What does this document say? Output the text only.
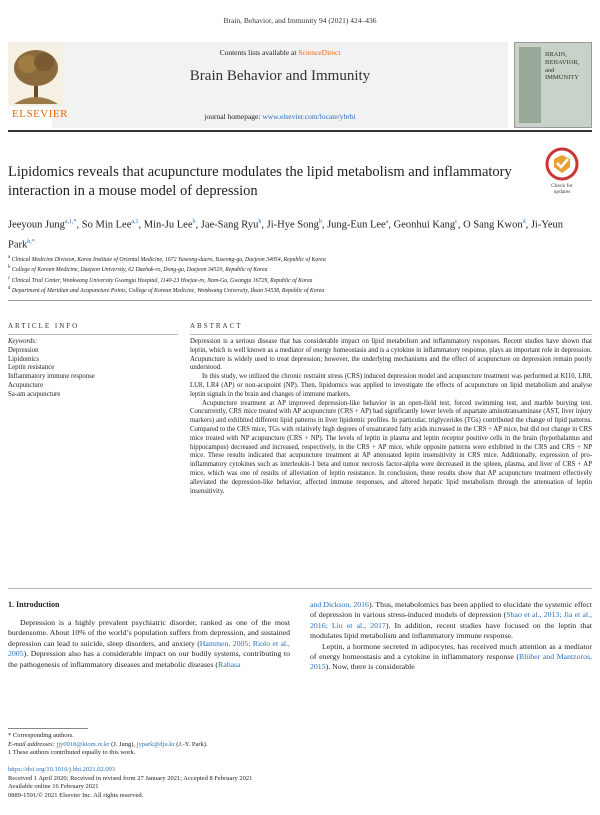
Brain, Behavior, and Immunity 94 (2021) 424–436
Contents lists available at ScienceDirect
Brain Behavior and Immunity
journal homepage: www.elsevier.com/locate/ybrbi
ELSEVIER
BRAIN, BEHAVIOR, and IMMUNITY
Lipidomics reveals that acupuncture modulates the lipid metabolism and inflammatory interaction in a mouse model of depression	Check for
updates
Jeeyoun Jung$^{a,1,*}$, So Min Lee$^{a,1}$, Min-Ju Lee$^b$, Jae-Sang Ryu$^b$, Ji-Hye Song$^b$, Jung-Eun Lee$^a$, Geonhui Kang$^c$, O Sang Kwon$^d$, Ji-Yeun Park$^{b,*}$
$^a$ Clinical Medicine Division, Korea Institute of Oriental Medicine, 1672 Yuseong-daero, Yuseong-gu, Daejeon 34054, Republic of Korea
$^b$ College of Korean Medicine, Daejeon University, 62 Daehak-ro, Dong-gu, Daejeon 34520, Republic of Korea
$^c$ Clinical Trial Center, Wonkwang University Gwangju Hospital, 1140-23 Hoejae-ro, Nam-Gu, Gwangju 16729, Republic of Korea
$^d$ Department of Meridian and Acupuncture Points, College of Korean Medicine, Wonkwang University, Iksan 54538, Republic of Korea
ARTICLE INFO	ABSTRACT
Keywords:
Depression
Lipidomics
Leptin resistance
Inflammatory immune response
Acupuncture
Sa-am acupuncture

Depression is a serious disease that has considerable impact on lipid metabolism and inflammatory responses. Recent studies have shown that leptin, which is well known as a mediator of energy homeostasis and is a cytokine in inflammatory response, plays an important role in depression. Acupuncture is widely used to treat depression; however, the underlying mechanisms and the effect of acupuncture on depression remain poorly understood.

In this study, we utilized the chronic restraint stress (CRS) induced depression model and acupuncture treatment was performed at KI10, LR8, LU8, LR4 (AP) or non-acupoint (NP). Then, lipidomics was applied to investigate the effects of acupuncture on lipid metabolism and analyse leptin signals in the brain and changes of immune markers.

Acupuncture treatment at AP improved depression-like behavior in an open-field test, forced swimming test, and marble burying test. Concurrently, CRS mice treated with AP acupuncture (CRS + AP) had significantly lower levels of aspartate aminotransaminase (AST, liver injury markers) and exhibited different lipid patterns in liver lipidomic profiles. In particular, triglycerides (TGs) contributed the change of lipid patterns. Compared to the CRS mice, TGs with relatively high degrees of unsaturated fatty acids increased in the CRS + AP mice, but did not change in CRS mice treated with NP acupuncture (CRS + NP). The levels of leptin in plasma and leptin receptor positive cells in the brain (hypothalamus and hippocampus) decreased and increased, respectively, in the CRS + AP mice, while opposite patterns were exhibited in the CRS and CRS + NP mice. These results indicated that acupuncture treatment at AP attenuated leptin insensitivity in CRS mice. Additionally, expression of pro-inflammatory cytokines such as interleukin-1 beta and tumor necrosis factor-alpha were decreased in the spleen, plasma, and liver of CRS + AP mice, which was one of results of alleviation of leptin resistance. In conclusion, these results show that AP acupuncture treatment effectively alleviated the depression-like behavior, affected immune responses, and altered hepatic lipid metabolism through the attenuation of leptin insensitivity.

1. Introduction

Depression is a highly prevalent psychiatric disorder, ranked as one of the most burdensome. About 10% of the world’s population suffers from depression, and sustained depression can lead to suicide, sleep disorders, and anxiety (Hammen, 2005; Riolo et al., 2005). Depression also has a considerable impact on our bodily systems, contributing to the pathogenesis of inflammatory diseases and metabolic diseases (Rabasa

and Dickson, 2016). Thus, metabolomics has been applied to elucidate the systemic effect of depression in various stress-induced models of depression (Shao et al., 2013; Jia et al., 2016; Liu et al., 2017). In addition, recent studies have focused on the leptin that modulates lipid metabolism and inflammatory immune response.

Leptin, a hormone secreted in adipocytes, has received much attention as a mediator of energy homeostasis and a cytokine in inflammatory response (Blüher and Mantzoros, 2015). Now, there is considerable

* Corresponding authors.
E-mail addresses: jjy0918@kiom.re.kr (J. Jung), jypark@dju.kr (J.-Y. Park).
1 These authors contributed equally to this work.
https://doi.org/10.1016/j.bbi.2021.02.003
Received 1 April 2020; Received in revised form 27 January 2021; Accepted 8 February 2021
Available online 16 February 2021
0889-1591/© 2021 Elsevier Inc. All rights reserved.
